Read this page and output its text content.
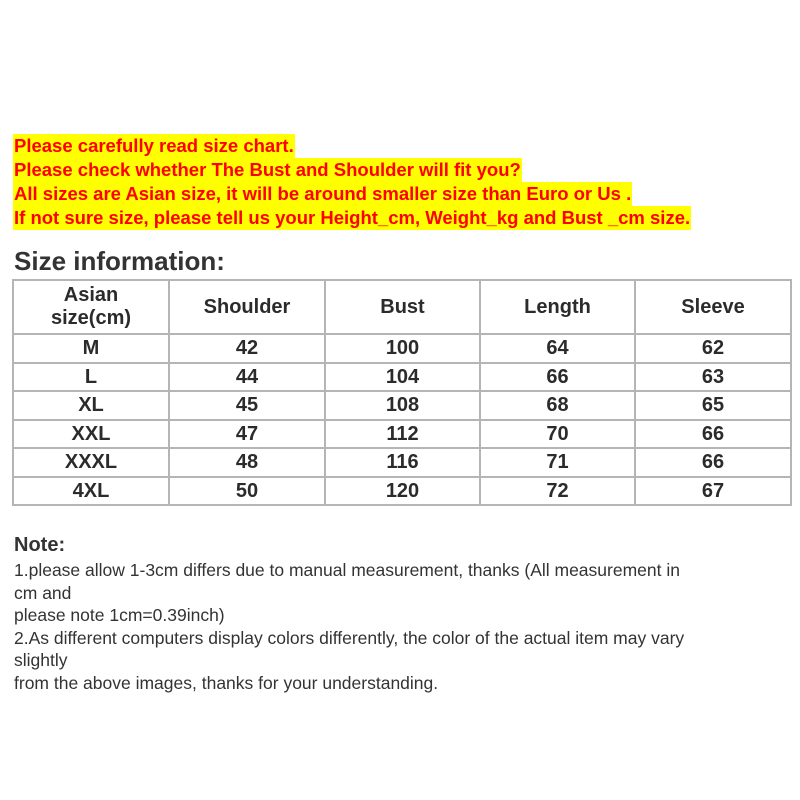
Please carefully read size chart.
Please check whether The Bust and Shoulder will fit you?
All sizes are Asian size, it will be around smaller size than Euro or Us .
If not sure size, please tell us your Height_cm, Weight_kg and Bust _cm size.
Size information:
Asian
size(cm)	Shoulder	Bust	Length	Sleeve
M	42	100	64	62
L	44	104	66	63
XL	45	108	68	65
XXL	47	112	70	66
XXXL	48	116	71	66
4XL	50	120	72	67
Note:
1.please allow 1-3cm differs due to manual measurement, thanks (All measurement in
cm and
please note 1cm=0.39inch)
2.As different computers display colors differently, the color of the actual item may vary
slightly
from the above images, thanks for your understanding.
